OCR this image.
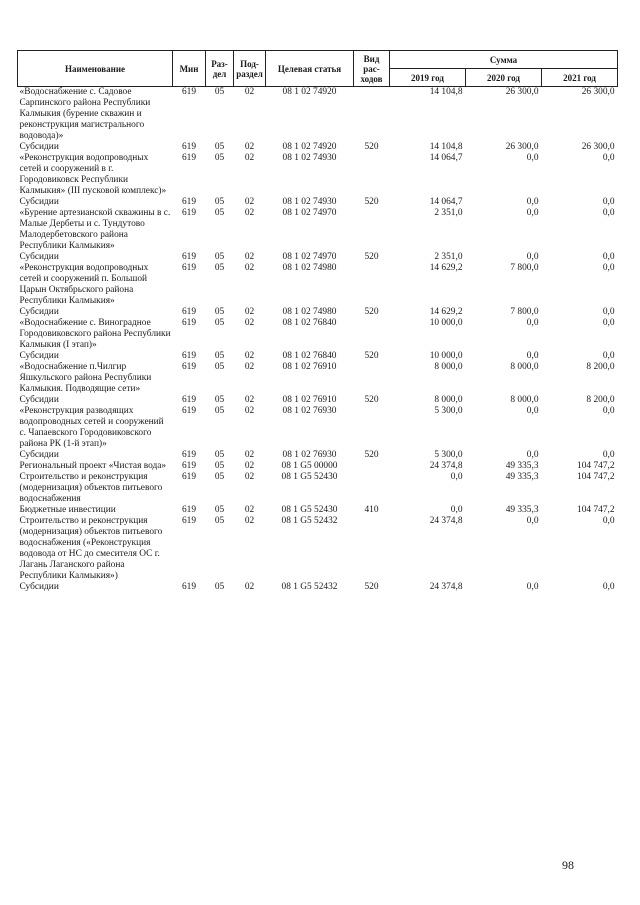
Наименование	Мин	Раз-дел	Под-раздел	Целевая статья	Вид рас-ходов	Сумма		
						2019 год	2020 год	2021 год
«Водоснабжение с. Садовое Сарпинского района Республики Калмыкия (бурение скважин и реконструкция магистрального водовода)»	619	05	02	08 1 02 74920		14 104,8	26 300,0	26 300,0
Субсидии	619	05	02	08 1 02 74920	520	14 104,8	26 300,0	26 300,0
«Реконструкция водопроводных сетей и сооружений в г. Городовиковск Республики Калмыкия» (III пусковой комплекс)»	619	05	02	08 1 02 74930		14 064,7	0,0	0,0
Субсидии	619	05	02	08 1 02 74930	520	14 064,7	0,0	0,0
«Бурение артезианской скважины в с. Малые Дербеты и с. Тундутово Малодербетовского района Республики Калмыкия»	619	05	02	08 1 02 74970		2 351,0	0,0	0,0
Субсидии	619	05	02	08 1 02 74970	520	2 351,0	0,0	0,0
«Реконструкция водопроводных сетей и сооружений п. Большой Царын Октябрьского района Республики Калмыкия»	619	05	02	08 1 02 74980		14 629,2	7 800,0	0,0
Субсидии	619	05	02	08 1 02 74980	520	14 629,2	7 800,0	0,0
«Водоснабжение с. Виноградное Городовиковского района Республики Калмыкия (I этап)»	619	05	02	08 1 02 76840		10 000,0	0,0	0,0
Субсидии	619	05	02	08 1 02 76840	520	10 000,0	0,0	0,0
«Водоснабжение п.Чилгир Яшкульского района Республики Калмыкия. Подводящие сети»	619	05	02	08 1 02 76910		8 000,0	8 000,0	8 200,0
Субсидии	619	05	02	08 1 02 76910	520	8 000,0	8 000,0	8 200,0
«Реконструкция разводящих водопроводных сетей и сооружений с. Чапаевского Городовиковского района РК (1-й этап)»	619	05	02	08 1 02 76930		5 300,0	0,0	0,0
Субсидии	619	05	02	08 1 02 76930	520	5 300,0	0,0	0,0
Региональный проект «Чистая вода»	619	05	02	08 1 G5 00000		24 374,8	49 335,3	104 747,2
Строительство и реконструкция (модернизация) объектов питьевого водоснабжения	619	05	02	08 1 G5 52430		0,0	49 335,3	104 747,2
Бюджетные инвестиции	619	05	02	08 1 G5 52430	410	0,0	49 335,3	104 747,2
Строительство и реконструкция (модернизация) объектов питьевого водоснабжения («Реконструкция водовода от НС до смесителя ОС г. Лагань Лаганского района Республики Калмыкия»)	619	05	02	08 1 G5 52432		24 374,8	0,0	0,0
Субсидии	619	05	02	08 1 G5 52432	520	24 374,8	0,0	0,0
98
